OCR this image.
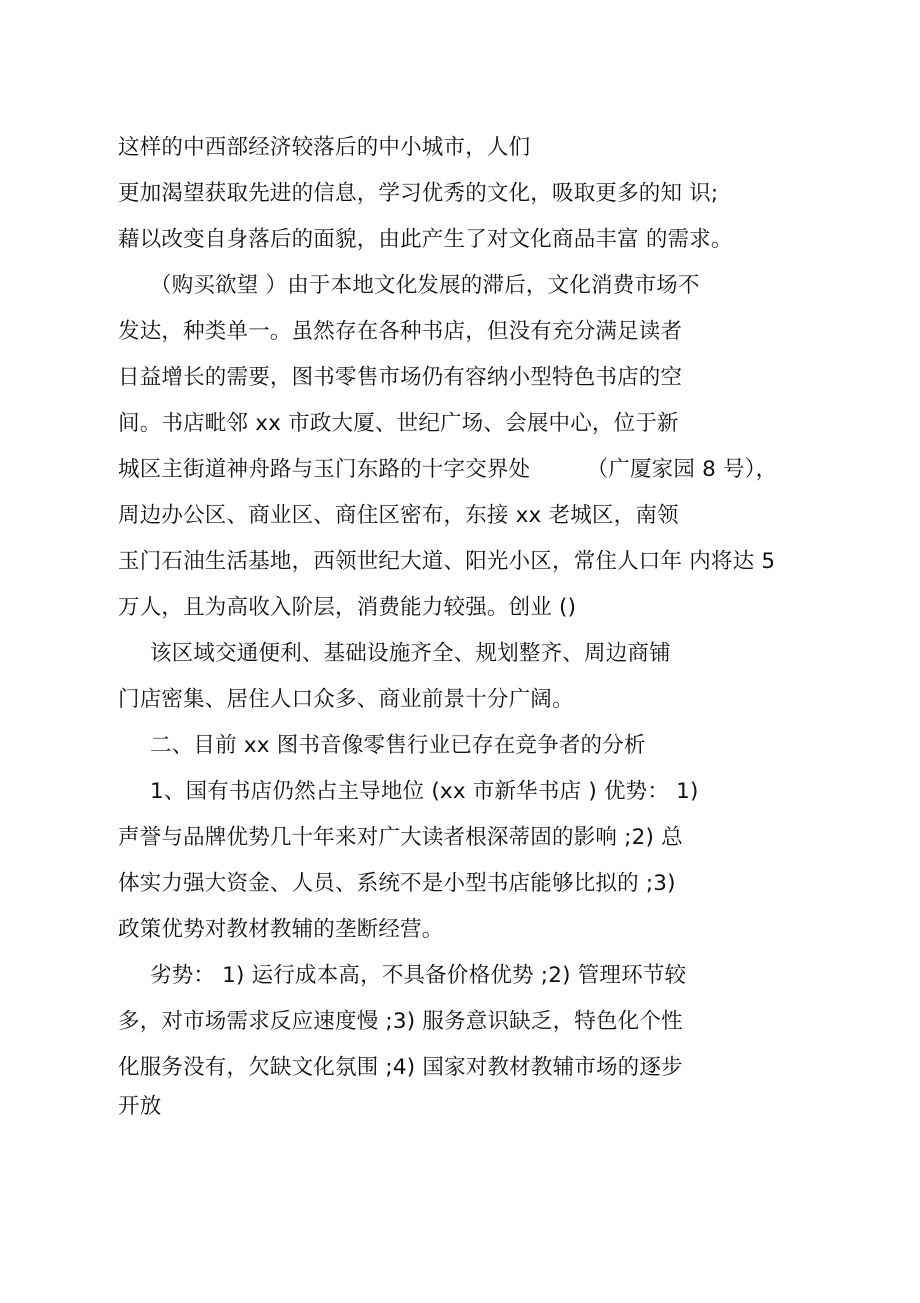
这样的中西部经济较落后的中小城市，人们
更加渴望获取先进的信息，学习优秀的文化，吸取更多的知 识;
藉以改变自身落后的面貌，由此产生了对文化商品丰富 的需求。
（购买欲望 ）由于本地文化发展的滞后，文化消费市场不
发达，种类单一。虽然存在各种书店，但没有充分满足读者
日益增长的需要，图书零售市场仍有容纳小型特色书店的空
间。书店毗邻 xx 市政大厦、世纪广场、会展中心，位于新
城区主街道神舟路与玉门东路的十字交界处        （广厦家园 8 号），
周边办公区、商业区、商住区密布，东接 xx 老城区，南领
玉门石油生活基地，西领世纪大道、阳光小区，常住人口年 内将达 5
万人，且为高收入阶层，消费能力较强。创业 ()
该区域交通便利、基础设施齐全、规划整齐、周边商铺
门店密集、居住人口众多、商业前景十分广阔。
二、目前 xx 图书音像零售行业已存在竞争者的分析
1、国有书店仍然占主导地位 (xx 市新华书店 ) 优势： 1)
声誉与品牌优势几十年来对广大读者根深蒂固的影响 ;2) 总
体实力强大资金、人员、系统不是小型书店能够比拟的 ;3)
政策优势对教材教辅的垄断经营。
劣势： 1) 运行成本高，不具备价格优势 ;2) 管理环节较
多，对市场需求反应速度慢 ;3) 服务意识缺乏，特色化个性
化服务没有，欠缺文化氛围 ;4) 国家对教材教辅市场的逐步
开放
